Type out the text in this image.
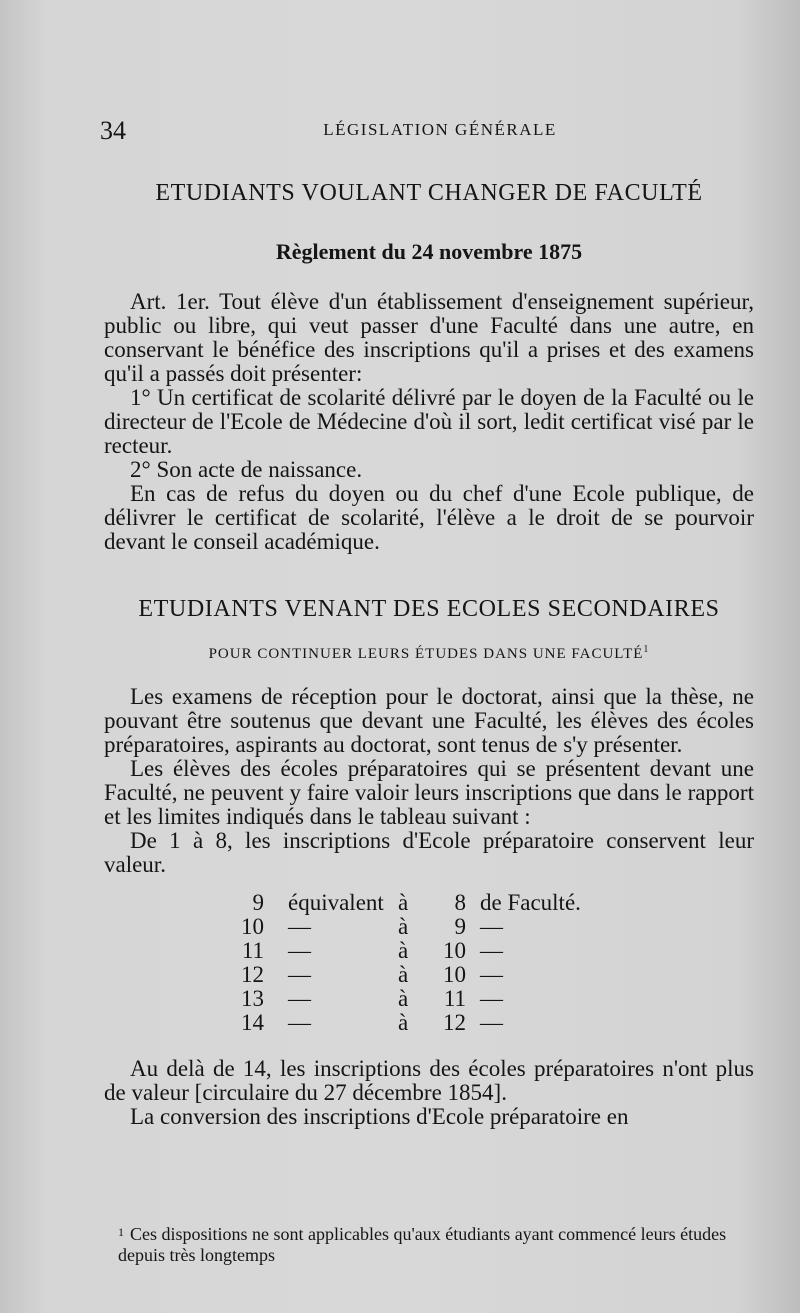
34	LÉGISLATION GÉNÉRALE
ETUDIANTS VOULANT CHANGER DE FACULTÉ
Règlement du 24 novembre 1875

Art. 1er. Tout élève d'un établissement d'enseignement supérieur, public ou libre, qui veut passer d'une Faculté dans une autre, en conservant le bénéfice des inscriptions qu'il a prises et des examens qu'il a passés doit présenter:

1° Un certificat de scolarité délivré par le doyen de la Faculté ou le directeur de l'Ecole de Médecine d'où il sort, ledit certificat visé par le recteur.

2° Son acte de naissance.

En cas de refus du doyen ou du chef d'une Ecole publique, de délivrer le certificat de scolarité, l'élève a le droit de se pourvoir devant le conseil académique.

ETUDIANTS VENANT DES ECOLES SECONDAIRES
POUR CONTINUER LEURS ÉTUDES DANS UNE FACULTÉ$^1$

Les examens de réception pour le doctorat, ainsi que la thèse, ne pouvant être soutenus que devant une Faculté, les élèves des écoles préparatoires, aspirants au doctorat, sont tenus de s'y présenter.

Les élèves des écoles préparatoires qui se présentent devant une Faculté, ne peuvent y faire valoir leurs inscriptions que dans le rapport et les limites indiqués dans le tableau suivant :

De 1 à 8, les inscriptions d'Ecole préparatoire conservent leur valeur.

9 équivalent à	8 de Faculté.
10 —	à	9 —
11 —	à	10 —
12 —	à	10 —
13 —	à	11 —
14 —	à	12 —

Au delà de 14, les inscriptions des écoles préparatoires n'ont plus de valeur [circulaire du 27 décembre 1854].

La conversion des inscriptions d'Ecole préparatoire en

$^1$ Ces dispositions ne sont applicables qu'aux étudiants ayant commencé leurs études depuis très longtemps
